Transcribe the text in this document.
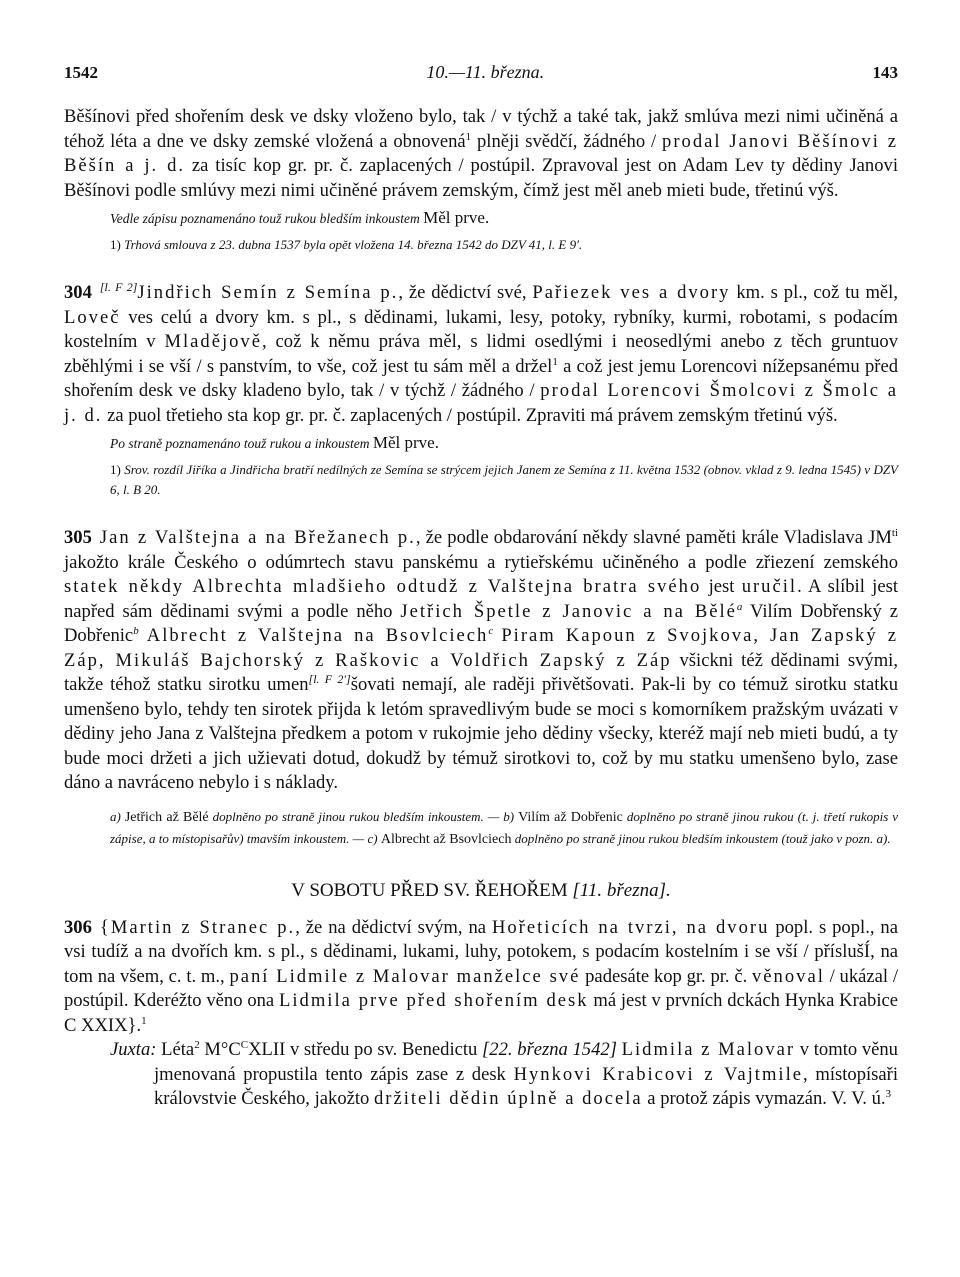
1542	10.—11. března.	143

Běšínovi před shořením desk ve dsky vloženo bylo, tak / v týchž a také tak, jakž smlúva mezi nimi učiněná a téhož léta a dne ve dsky zemské vložená a obnovená$^1$ plněji svědčí, žádného / prodal Janovi Běšínovi z Běšín a j. d. za tisíc kop gr. pr. č. zaplacených / postúpil. Zpravoval jest on Adam Lev ty dědiny Janovi Běšínovi podle smlúvy mezi nimi učiněné právem zemským, čímž jest měl aneb mieti bude, třetinú výš.

Vedle zápisu poznamenáno touž rukou bledším inkoustem Měl prve.
1) Trhová smlouva z 23. dubna 1537 byla opět vložena 14. března 1542 do DZV 41, l. E 9′.

304 [l. F 2]Jindřich Semín z Semína p., že dědictví své, Pařiezek ves a dvory km. s pl., což tu měl, Loveč ves celú a dvory km. s pl., s dědinami, lukami, lesy, potoky, rybníky, kurmi, robotami, s podacím kostelním v Mladějově, což k němu práva měl, s lidmi osedlými i neosedlými anebo z těch gruntuov zběhlými i se vší / s panstvím, to vše, což jest tu sám měl a držel$^1$ a což jest jemu Lorencovi nížepsanému před shořením desk ve dsky kladeno bylo, tak / v týchž / žádného / prodal Lorencovi Šmolcovi z Šmolc a j. d. za puol třetieho sta kop gr. pr. č. zaplacených / postúpil. Zpraviti má právem zemským třetinú výš.

Po straně poznamenáno touž rukou a inkoustem Měl prve.
1) Srov. rozdíl Jiříka a Jindřicha bratří nedílných ze Semína se strýcem jejich Janem ze Semína z 11. května 1532 (obnov. vklad z 9. ledna 1545) v DZV 6, l. B 20.

305 Jan z Valštejna a na Břežanech p., že podle obdarování někdy slavné paměti krále Vladislava $JM^{ti}$ jakožto krále Českého o odúmrtech stavu panskému a rytieřskému učiněného a podle zřiezení zemského statek někdy Albrechta mladšieho odtudž z Valštejna bratra svého jest uručil. A slíbil jest napřed sám dědinami svými a podle něho Jetřich Špetle z Janovic a na Bělé$^a$ Vilím Dobřenský z Dobřenic$^b$ Albrecht z Valštejna na Bsovlciech$^c$ Piram Kapoun z Svojkova, Jan Zapský z Záp, Mikuláš Bajchorský z Raškovic a Voldřich Zapský z Záp všickni též dědinami svými, takže téhož statku sirotku umen[l. F 2′]šovati nemají, ale raději přivětšovati. Pak-li by co témuž sirotku statku umenšeno bylo, tehdy ten sirotek přijda k letóm spravedlivým bude se moci s komorníkem pražským uvázati v dědiny jeho Jana z Valštejna předkem a potom v rukojmie jeho dědiny všecky, kteréž mají neb mieti budú, a ty bude moci držeti a jich užievati dotud, dokudž by témuž sirotkovi to, což by mu statku umenšeno bylo, zase dáno a navráceno nebylo i s náklady.

a) Jetřich až Bělé doplněno po straně jinou rukou bledším inkoustem. — b) Vilím až Dobřenic doplněno po straně jinou rukou (t. j. třetí rukopis v zápise, a to místopisařův) tmavším inkoustem. — c) Albrecht až Bsovlciech doplněno po straně jinou rukou bledším inkoustem (touž jako v pozn. a).
V SOBOTU PŘED SV. ŘEHOŘEM [11. března].

306 {Martin z Stranec p., že na dědictví svým, na Hořeticích na tvrzi, na dvoru popl. s popl., na vsi tudíž a na dvořích km. s pl., s dědinami, lukami, luhy, potokem, s podacím kostelním i se vší / příslušÍ, na tom na všem, c. t. m., paní Lidmile z Malovar manželce své padesáte kop gr. pr. č. věnoval / ukázal / postúpil. Kderéžto věno ona Lidmila prve před shořením desk má jest v prvních dckách Hynka Krabice C XXIX}.$^1$

Juxta: Léta$^2$ $M^\circ C^CXLII$ v středu po sv. Benedictu [22. března 1542] Lidmila z Malovar v tomto věnu jmenovaná propustila tento zápis zase z desk Hynkovi Krabicovi z Vajtmile, místopísaři královstvie Českého, jakožto držiteli dědin úplně a docela a protož zápis vymazán. V. V. ú.$^3$
